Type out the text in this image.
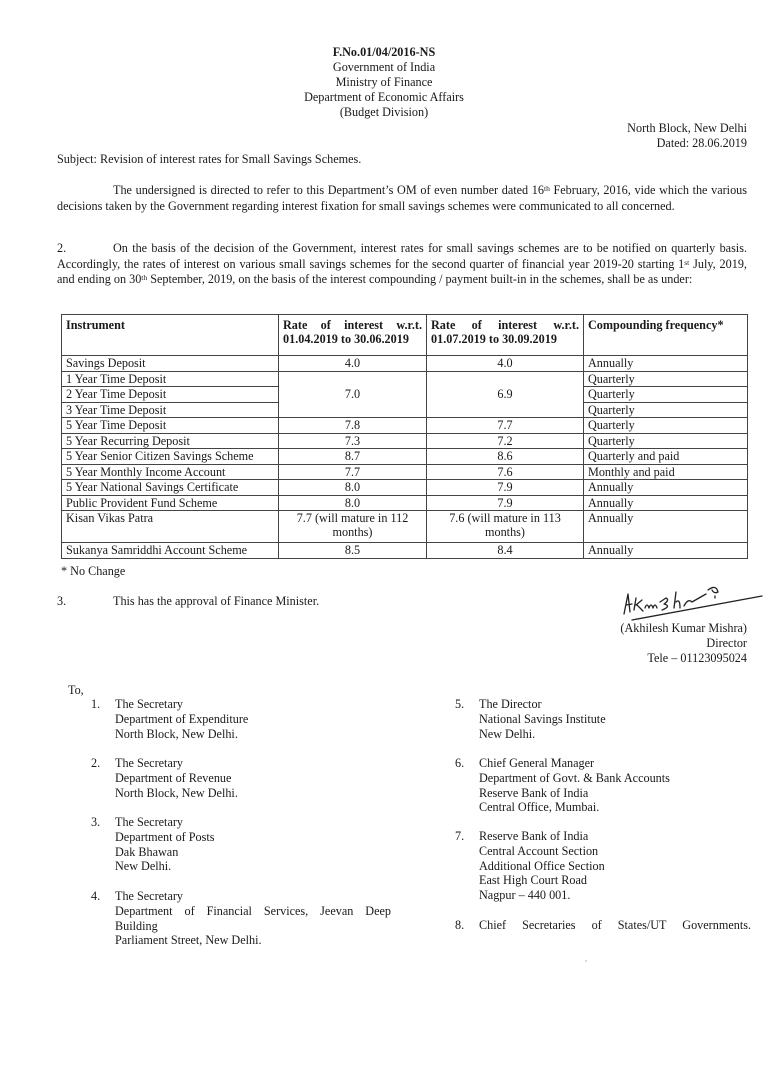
F.No.01/04/2016-NS
Government of India
Ministry of Finance
Department of Economic Affairs
(Budget Division)
North Block, New Delhi
Dated: 28.06.2019
Subject: Revision of interest rates for Small Savings Schemes.
The undersigned is directed to refer to this Department’s OM of even number dated 16th February, 2016, vide which the various decisions taken by the Government regarding interest fixation for small savings schemes were communicated to all concerned.
2.	On the basis of the decision of the Government, interest rates for small savings schemes are to be notified on quarterly basis. Accordingly, the rates of interest on various small savings schemes for the second quarter of financial year 2019-20 starting 1st July, 2019, and ending on 30th September, 2019, on the basis of the interest compounding / payment built-in in the schemes, shall be as under:
Instrument	Rate of interest w.r.t. 01.04.2019 to 30.06.2019	Rate of interest w.r.t. 01.07.2019 to 30.09.2019	Compounding frequency*
Savings Deposit	4.0	4.0	Annually
1 Year Time Deposit	7.0	6.9	Quarterly
2 Year Time Deposit			Quarterly
3 Year Time Deposit			Quarterly
5 Year Time Deposit	7.8	7.7	Quarterly
5 Year Recurring Deposit	7.3	7.2	Quarterly
5 Year Senior Citizen Savings Scheme	8.7	8.6	Quarterly and paid
5 Year Monthly Income Account	7.7	7.6	Monthly and paid
5 Year National Savings Certificate	8.0	7.9	Annually
Public Provident Fund Scheme	8.0	7.9	Annually
Kisan Vikas Patra	7.7 (will mature in 112 months)	7.6 (will mature in 113 months)	Annually
Sukanya Samriddhi Account Scheme	8.5	8.4	Annually
* No Change
3.	This has the approval of Finance Minister.
(Akhilesh Kumar Mishra)
Director
Tele – 01123095024
To,
1. The Secretary
Department of Expenditure
North Block, New Delhi.
2. The Secretary
Department of Revenue
North Block, New Delhi.
3. The Secretary
Department of Posts
Dak Bhawan
New Delhi.
4. The Secretary
Department of Financial Services, Jeevan Deep
Building
Parliament Street, New Delhi.
5. The Director
National Savings Institute
New Delhi.
6. Chief General Manager
Department of Govt. & Bank Accounts
Reserve Bank of India
Central Office, Mumbai.
7. Reserve Bank of India
Central Account Section
Additional Office Section
East High Court Road
Nagpur – 440 001.
8. Chief Secretaries of States/UT Governments.
